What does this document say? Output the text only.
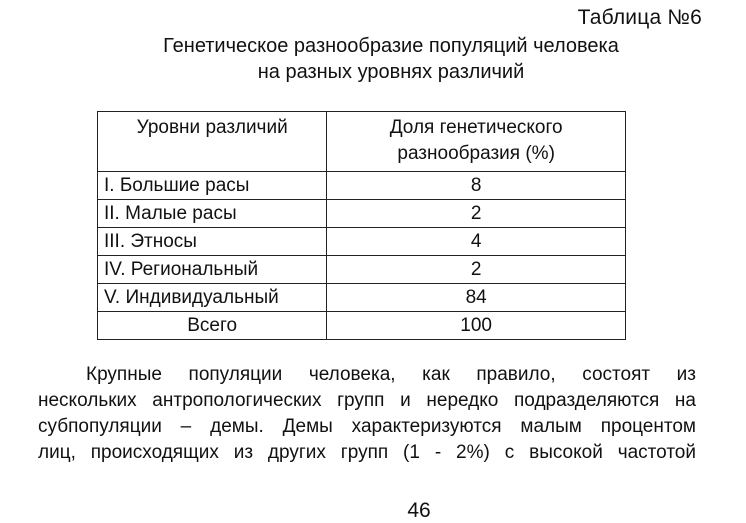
Таблица №6
Генетическое разнообразие популяций человека
на разных уровнях различий
Уровни различий	Доля генетического разнообразия (%)
I. Большие расы	8
II. Малые расы	2
III. Этносы	4
IV. Региональный	2
V. Индивидуальный	84
Всего	100
Крупные популяции человека, как правило, состоят из
нескольких антропологических групп и нередко подразделяются на
субпопуляции – демы. Демы характеризуются малым процентом
лиц, происходящих из других групп (1 - 2%) с высокой частотой
46
